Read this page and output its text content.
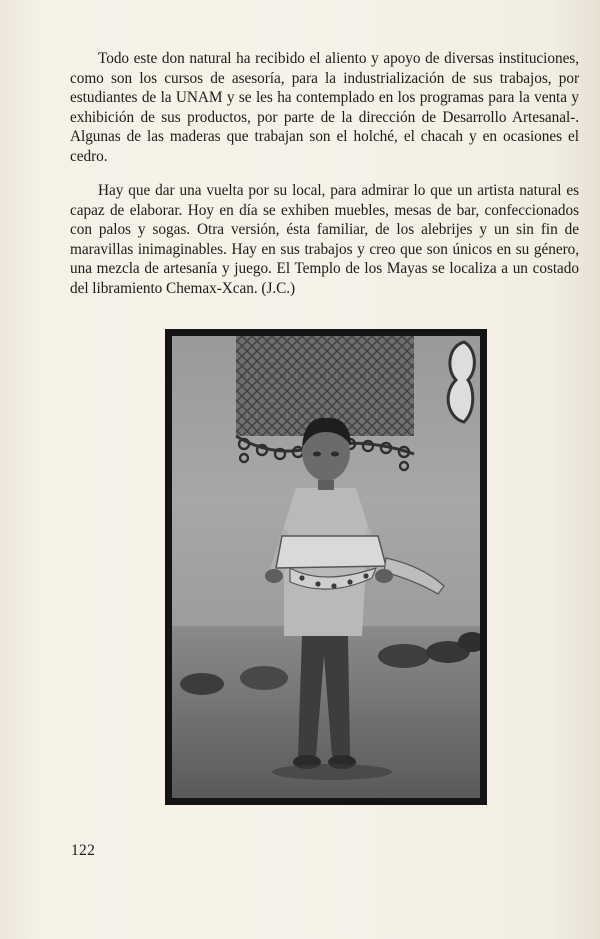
Todo este don natural ha recibido el aliento y apoyo de diversas instituciones, como son los cursos de asesoría, para la industrialización de sus trabajos, por estudiantes de la UNAM y se les ha contemplado en los programas para la venta y exhibición de sus productos, por parte de la dirección de Desarrollo Artesanal-. Algunas de las maderas que trabajan son el holché, el chacah y en ocasiones el cedro.

Hay que dar una vuelta por su local, para admirar lo que un artista natural es capaz de elaborar. Hoy en día se exhiben muebles, mesas de bar, confeccionados con palos y sogas. Otra versión, ésta familiar, de los alebrijes y un sin fin de maravillas inimaginables. Hay en sus trabajos y creo que son únicos en su género, una mezcla de artesanía y juego. El Templo de los Mayas se localiza a un costado del libramiento Chemax-Xcan. (J.C.)

122
